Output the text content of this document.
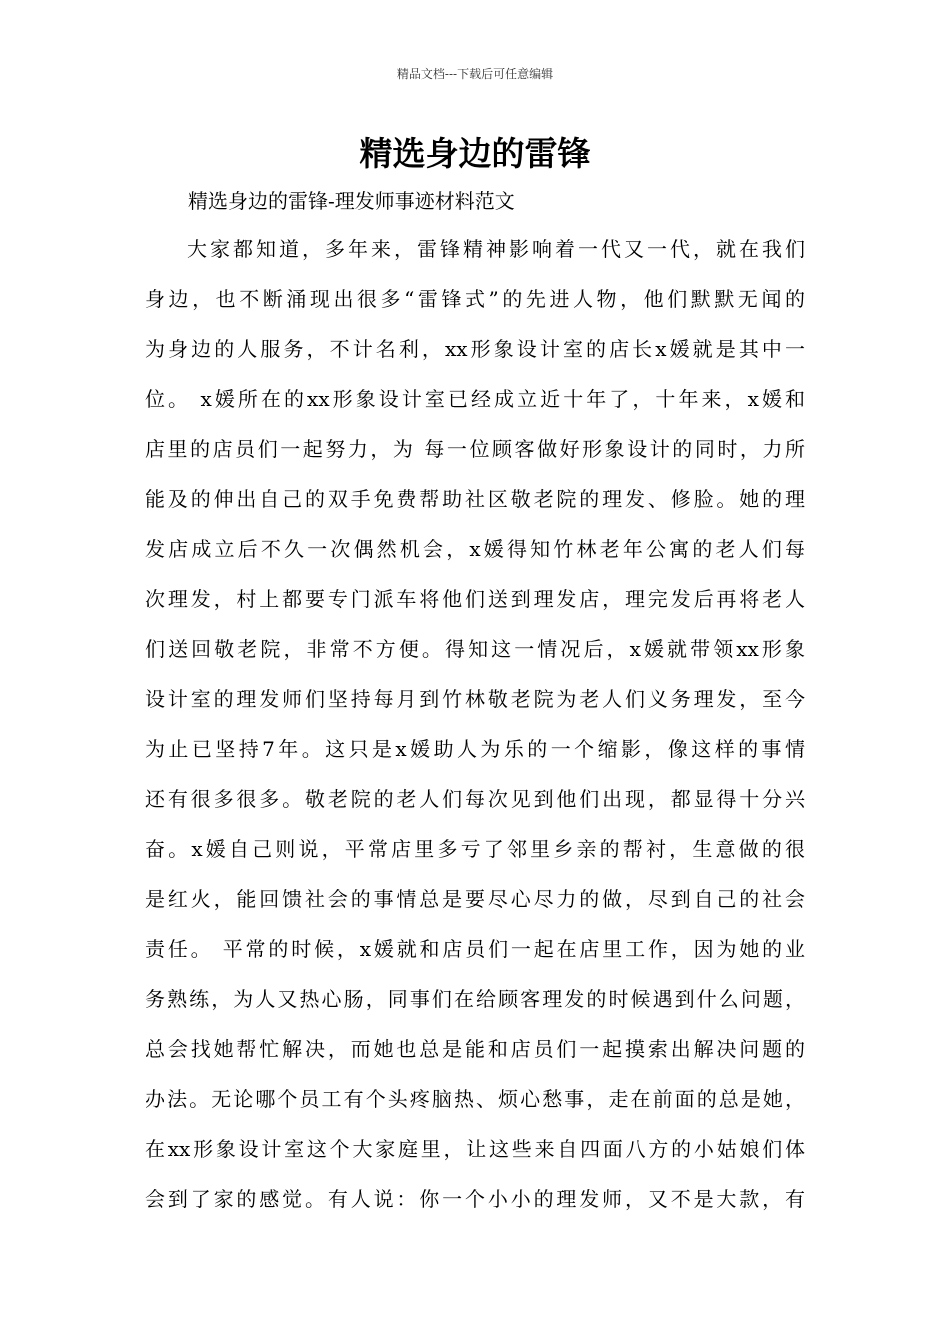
精品文档---下载后可任意编辑
精选身边的雷锋

精选身边的雷锋-理发师事迹材料范文

大家都知道，多年来，雷锋精神影响着一代又一代，就在我们
身边，也不断涌现出很多“雷锋式”的先进人物，他们默默无闻的
为身边的人服务，不计名利，xx形象设计室的店长x媛就是其中一
位。 x媛所在的xx形象设计室已经成立近十年了，十年来，x媛和
店里的店员们一起努力，为 每一位顾客做好形象设计的同时，力所
能及的伸出自己的双手免费帮助社区敬老院的理发、修脸。她的理
发店成立后不久一次偶然机会，x媛得知竹林老年公寓的老人们每
次理发，村上都要专门派车将他们送到理发店，理完发后再将老人
们送回敬老院，非常不方便。得知这一情况后，x媛就带领xx形象
设计室的理发师们坚持每月到竹林敬老院为老人们义务理发，至今
为止已坚持7年。这只是x媛助人为乐的一个缩影，像这样的事情
还有很多很多。敬老院的老人们每次见到他们出现，都显得十分兴
奋。x媛自己则说，平常店里多亏了邻里乡亲的帮衬，生意做的很
是红火，能回馈社会的事情总是要尽心尽力的做，尽到自己的社会
责任。 平常的时候，x媛就和店员们一起在店里工作，因为她的业
务熟练，为人又热心肠，同事们在给顾客理发的时候遇到什么问题，
总会找她帮忙解决，而她也总是能和店员们一起摸索出解决问题的
办法。无论哪个员工有个头疼脑热、烦心愁事，走在前面的总是她，
在xx形象设计室这个大家庭里，让这些来自四面八方的小姑娘们体
会到了家的感觉。有人说：你一个小小的理发师，又不是大款，有
